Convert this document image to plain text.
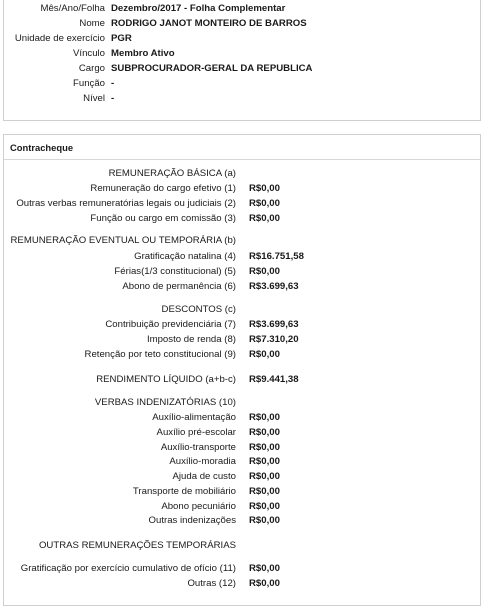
Mês/Ano/Folha Dezembro/2017 - Folha Complementar
Nome RODRIGO JANOT MONTEIRO DE BARROS
Unidade de exercício PGR
Vínculo Membro Ativo
Cargo SUBPROCURADOR-GERAL DA REPUBLICA
Função -
Nível -
Contracheque
REMUNERAÇÃO BÁSICA (a)
Remuneração do cargo efetivo (1) R$0,00
Outras verbas remuneratórias legais ou judiciais (2) R$0,00
Função ou cargo em comissão (3) R$0,00
REMUNERAÇÃO EVENTUAL OU TEMPORÁRIA (b)
Gratificação natalina (4) R$16.751,58
Férias(1/3 constitucional) (5) R$0,00
Abono de permanência (6) R$3.699,63
DESCONTOS (c)
Contribuição previdenciária (7) R$3.699,63
Imposto de renda (8) R$7.310,20
Retenção por teto constitucional (9) R$0,00
RENDIMENTO LÍQUIDO (a+b-c) R$9.441,38
VERBAS INDENIZATÓRIAS (10)
Auxílio-alimentação R$0,00
Auxílio pré-escolar R$0,00
Auxílio-transporte R$0,00
Auxílio-moradia R$0,00
Ajuda de custo R$0,00
Transporte de mobiliário R$0,00
Abono pecuniário R$0,00
Outras indenizações R$0,00
OUTRAS REMUNERAÇÕES TEMPORÁRIAS
Gratificação por exercício cumulativo de ofício (11) R$0,00
Outras (12) R$0,00
